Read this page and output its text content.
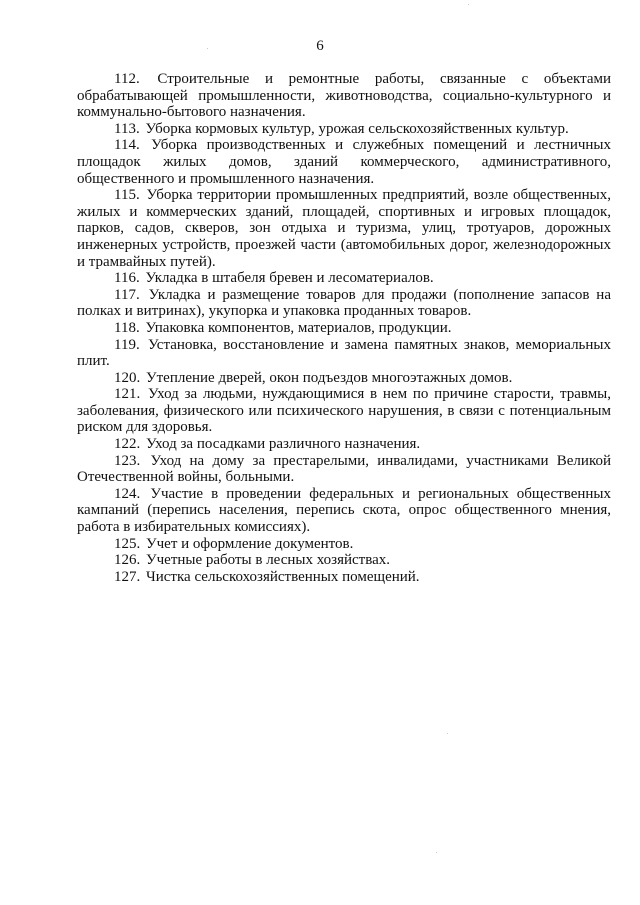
6

112. Строительные и ремонтные работы, связанные с объектами обрабатывающей промышленности, животноводства, социально-культурного и коммунально-бытового назначения.

113. Уборка кормовых культур, урожая сельскохозяйственных культур.

114. Уборка производственных и служебных помещений и лестничных площадок жилых домов, зданий коммерческого, административного, общественного и промышленного назначения.

115. Уборка территории промышленных предприятий, возле общественных, жилых и коммерческих зданий, площадей, спортивных и игровых площадок, парков, садов, скверов, зон отдыха и туризма, улиц, тротуаров, дорожных инженерных устройств, проезжей части (автомобильных дорог, железнодорожных и трамвайных путей).

116. Укладка в штабеля бревен и лесоматериалов.

117. Укладка и размещение товаров для продажи (пополнение запасов на полках и витринах), укупорка и упаковка проданных товаров.

118. Упаковка компонентов, материалов, продукции.

119. Установка, восстановление и замена памятных знаков, мемориальных плит.

120. Утепление дверей, окон подъездов многоэтажных домов.

121. Уход за людьми, нуждающимися в нем по причине старости, травмы, заболевания, физического или психического нарушения, в связи с потенциальным риском для здоровья.

122. Уход за посадками различного назначения.

123. Уход на дому за престарелыми, инвалидами, участниками Великой Отечественной войны, больными.

124. Участие в проведении федеральных и региональных общественных кампаний (перепись населения, перепись скота, опрос общественного мнения, работа в избирательных комиссиях).

125. Учет и оформление документов.

126. Учетные работы в лесных хозяйствах.

127. Чистка сельскохозяйственных помещений.
